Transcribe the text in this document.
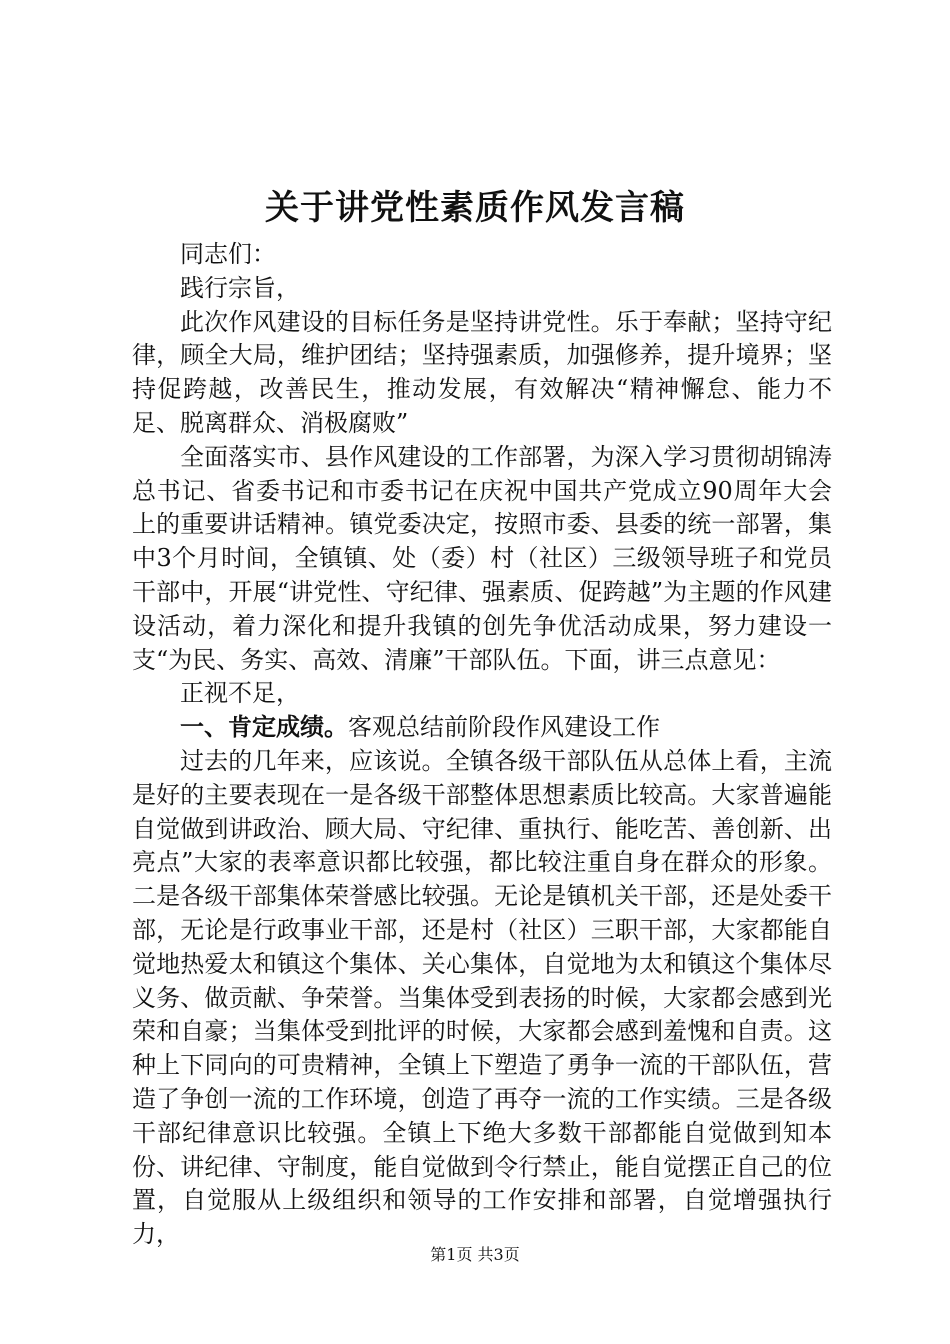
关于讲党性素质作风发言稿

同志们：

践行宗旨，

此次作风建设的目标任务是坚持讲党性。乐于奉献；坚持守纪律，顾全大局，维护团结；坚持强素质，加强修养，提升境界；坚持促跨越，改善民生，推动发展，有效解决“精神懈怠、能力不足、脱离群众、消极腐败”

全面落实市、县作风建设的工作部署，为深入学习贯彻胡锦涛总书记、省委书记和市委书记在庆祝中国共产党成立90周年大会上的重要讲话精神。镇党委决定，按照市委、县委的统一部署，集中3个月时间，全镇镇、处（委）村（社区）三级领导班子和党员干部中，开展“讲党性、守纪律、强素质、促跨越”为主题的作风建设活动，着力深化和提升我镇的创先争优活动成果，努力建设一支“为民、务实、高效、清廉”干部队伍。下面，讲三点意见：

正视不足，

一、肯定成绩。客观总结前阶段作风建设工作

过去的几年来，应该说。全镇各级干部队伍从总体上看，主流是好的主要表现在一是各级干部整体思想素质比较高。大家普遍能自觉做到讲政治、顾大局、守纪律、重执行、能吃苦、善创新、出亮点”大家的表率意识都比较强，都比较注重自身在群众的形象。二是各级干部集体荣誉感比较强。无论是镇机关干部，还是处委干部，无论是行政事业干部，还是村（社区）三职干部，大家都能自觉地热爱太和镇这个集体、关心集体，自觉地为太和镇这个集体尽义务、做贡献、争荣誉。当集体受到表扬的时候，大家都会感到光荣和自豪；当集体受到批评的时候，大家都会感到羞愧和自责。这种上下同向的可贵精神，全镇上下塑造了勇争一流的干部队伍，营造了争创一流的工作环境，创造了再夺一流的工作实绩。三是各级干部纪律意识比较强。全镇上下绝大多数干部都能自觉做到知本份、讲纪律、守制度，能自觉做到令行禁止，能自觉摆正自己的位置，自觉服从上级组织和领导的工作安排和部署，自觉增强执行力，

第1页 共3页
